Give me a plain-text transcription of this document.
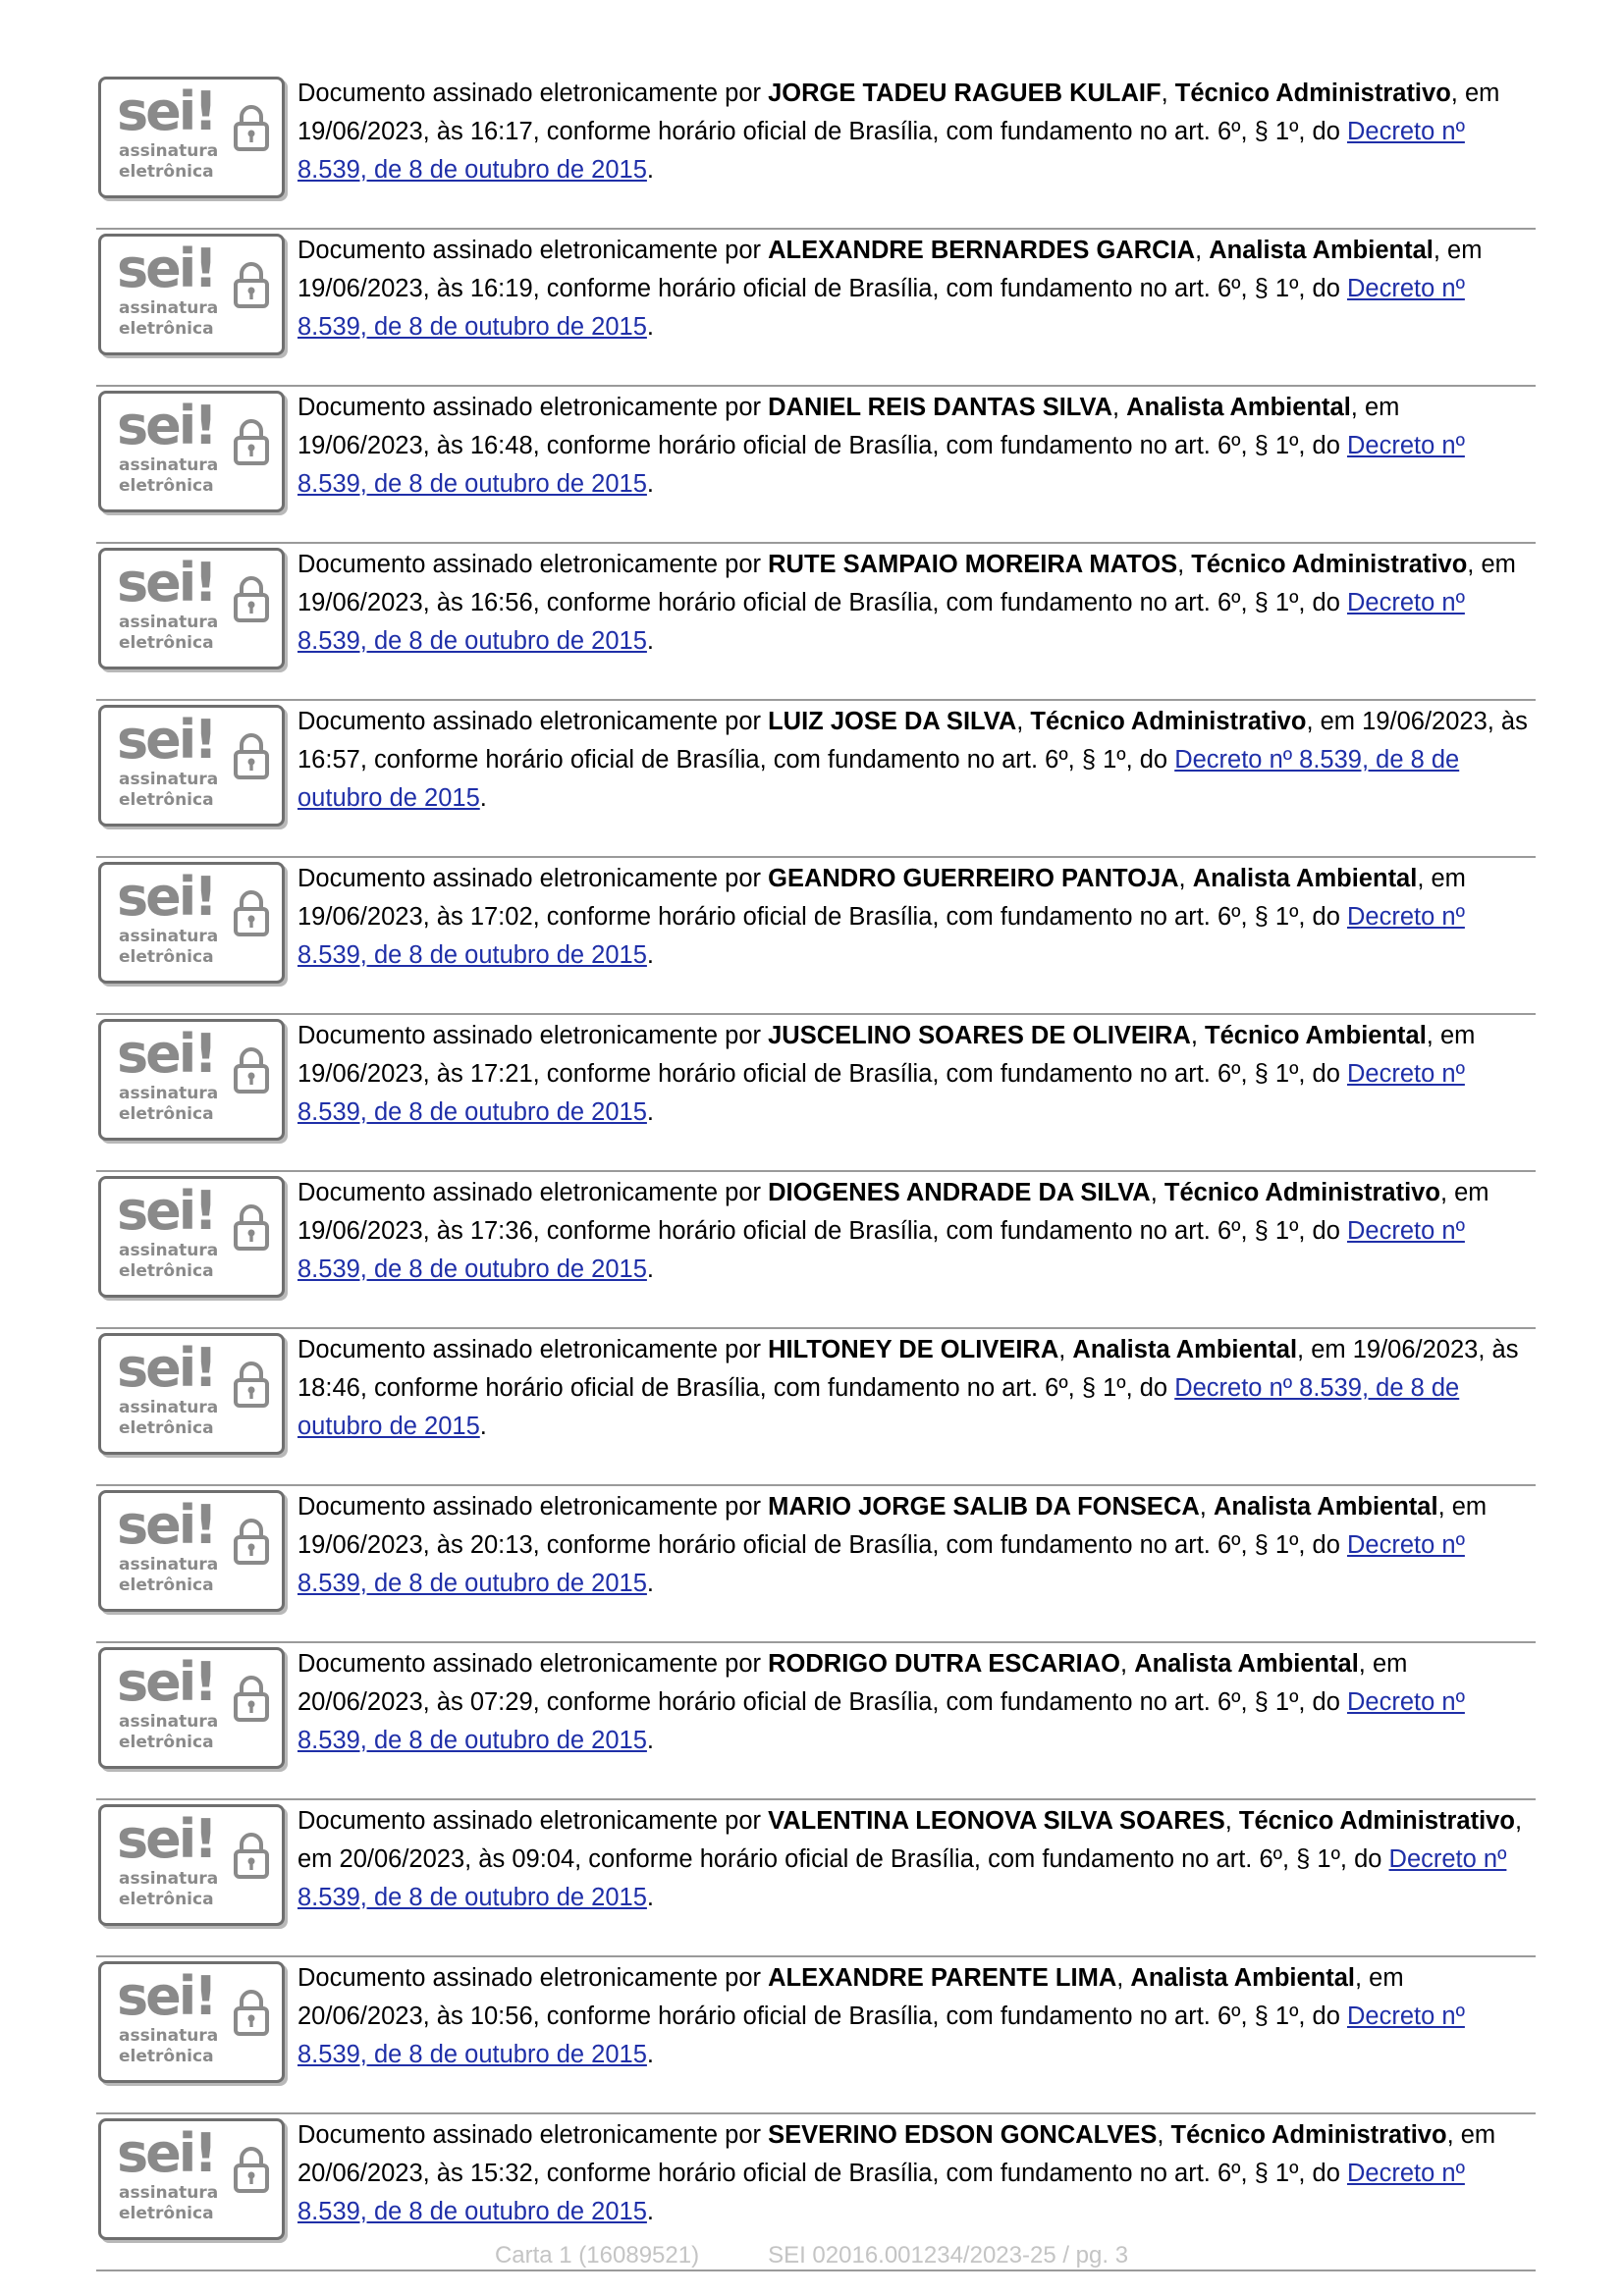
sei!
assinatura
eletrônica
Documento assinado eletronicamente por JORGE TADEU RAGUEB KULAIF, Técnico Administrativo, em 19/06/2023, às 16:17, conforme horário oficial de Brasília, com fundamento no art. 6º, § 1º, do Decreto nº 8.539, de 8 de outubro de 2015.
sei!
assinatura
eletrônica
Documento assinado eletronicamente por ALEXANDRE BERNARDES GARCIA, Analista Ambiental, em 19/06/2023, às 16:19, conforme horário oficial de Brasília, com fundamento no art. 6º, § 1º, do Decreto nº 8.539, de 8 de outubro de 2015.
sei!
assinatura
eletrônica
Documento assinado eletronicamente por DANIEL REIS DANTAS SILVA, Analista Ambiental, em 19/06/2023, às 16:48, conforme horário oficial de Brasília, com fundamento no art. 6º, § 1º, do Decreto nº 8.539, de 8 de outubro de 2015.
sei!
assinatura
eletrônica
Documento assinado eletronicamente por RUTE SAMPAIO MOREIRA MATOS, Técnico Administrativo, em 19/06/2023, às 16:56, conforme horário oficial de Brasília, com fundamento no art. 6º, § 1º, do Decreto nº 8.539, de 8 de outubro de 2015.
sei!
assinatura
eletrônica
Documento assinado eletronicamente por LUIZ JOSE DA SILVA, Técnico Administrativo, em 19/06/2023, às 16:57, conforme horário oficial de Brasília, com fundamento no art. 6º, § 1º, do Decreto nº 8.539, de 8 de outubro de 2015.
sei!
assinatura
eletrônica
Documento assinado eletronicamente por GEANDRO GUERREIRO PANTOJA, Analista Ambiental, em 19/06/2023, às 17:02, conforme horário oficial de Brasília, com fundamento no art. 6º, § 1º, do Decreto nº 8.539, de 8 de outubro de 2015.
sei!
assinatura
eletrônica
Documento assinado eletronicamente por JUSCELINO SOARES DE OLIVEIRA, Técnico Ambiental, em 19/06/2023, às 17:21, conforme horário oficial de Brasília, com fundamento no art. 6º, § 1º, do Decreto nº 8.539, de 8 de outubro de 2015.
sei!
assinatura
eletrônica
Documento assinado eletronicamente por DIOGENES ANDRADE DA SILVA, Técnico Administrativo, em 19/06/2023, às 17:36, conforme horário oficial de Brasília, com fundamento no art. 6º, § 1º, do Decreto nº 8.539, de 8 de outubro de 2015.
sei!
assinatura
eletrônica
Documento assinado eletronicamente por HILTONEY DE OLIVEIRA, Analista Ambiental, em 19/06/2023, às 18:46, conforme horário oficial de Brasília, com fundamento no art. 6º, § 1º, do Decreto nº 8.539, de 8 de outubro de 2015.
sei!
assinatura
eletrônica
Documento assinado eletronicamente por MARIO JORGE SALIB DA FONSECA, Analista Ambiental, em 19/06/2023, às 20:13, conforme horário oficial de Brasília, com fundamento no art. 6º, § 1º, do Decreto nº 8.539, de 8 de outubro de 2015.
sei!
assinatura
eletrônica
Documento assinado eletronicamente por RODRIGO DUTRA ESCARIAO, Analista Ambiental, em 20/06/2023, às 07:29, conforme horário oficial de Brasília, com fundamento no art. 6º, § 1º, do Decreto nº 8.539, de 8 de outubro de 2015.
sei!
assinatura
eletrônica
Documento assinado eletronicamente por VALENTINA LEONOVA SILVA SOARES, Técnico Administrativo, em 20/06/2023, às 09:04, conforme horário oficial de Brasília, com fundamento no art. 6º, § 1º, do Decreto nº 8.539, de 8 de outubro de 2015.
sei!
assinatura
eletrônica
Documento assinado eletronicamente por ALEXANDRE PARENTE LIMA, Analista Ambiental, em 20/06/2023, às 10:56, conforme horário oficial de Brasília, com fundamento no art. 6º, § 1º, do Decreto nº 8.539, de 8 de outubro de 2015.
sei!
assinatura
eletrônica
Documento assinado eletronicamente por SEVERINO EDSON GONCALVES, Técnico Administrativo, em 20/06/2023, às 15:32, conforme horário oficial de Brasília, com fundamento no art. 6º, § 1º, do Decreto nº 8.539, de 8 de outubro de 2015.
Carta 1 (16089521)	SEI 02016.001234/2023-25 / pg. 3
